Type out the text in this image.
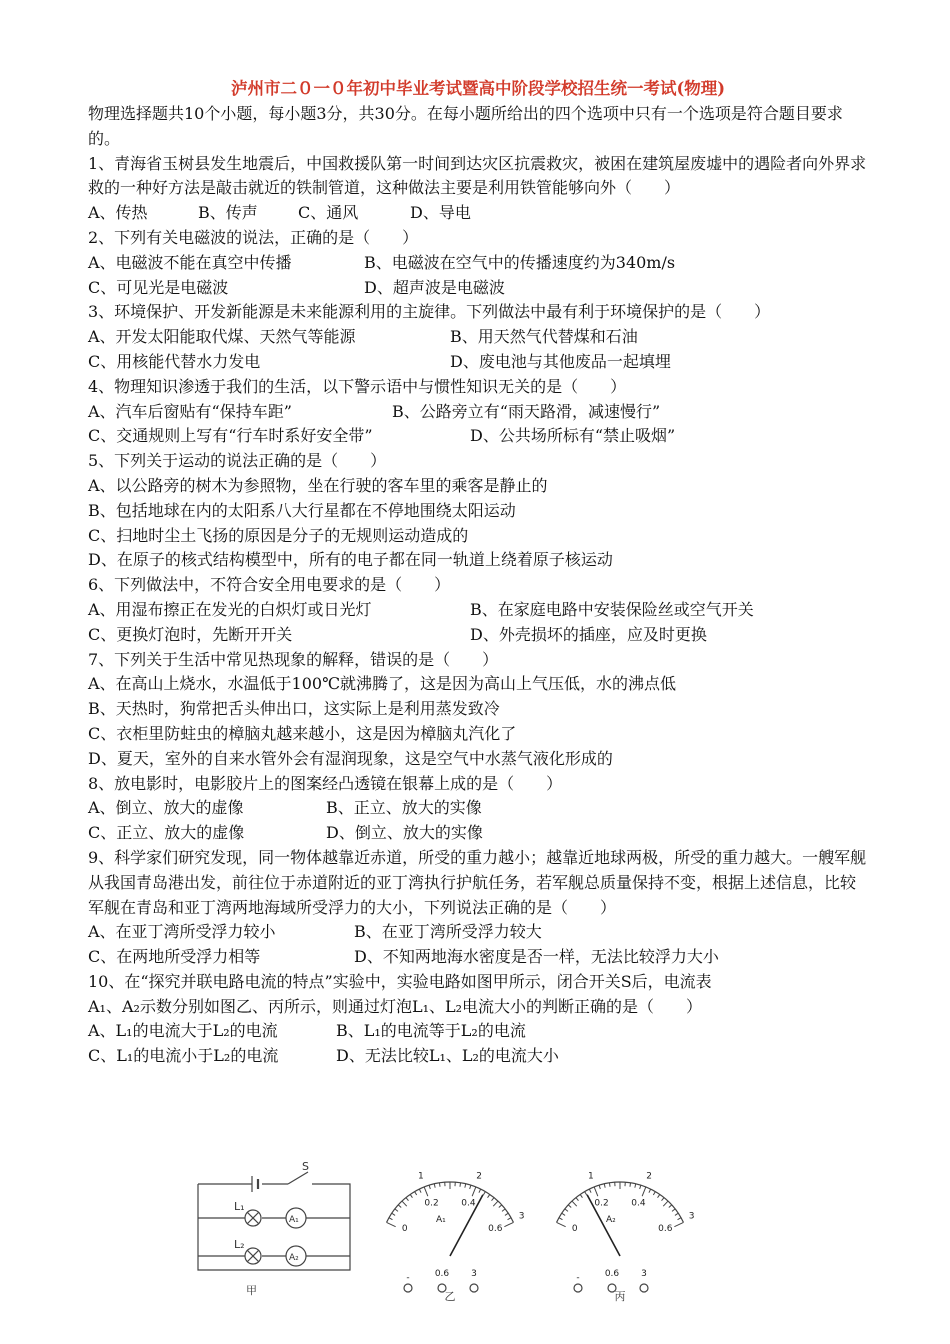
泸州市二０一０年初中毕业考试暨高中阶段学校招生统一考试(物理)
物理选择题共10个小题，每小题3分，共30分。在每小题所给出的四个选项中只有一个选项是符合题目要求的。
1、青海省玉树县发生地震后，中国救援队第一时间到达灾区抗震救灾，被困在建筑屋废墟中的遇险者向外界求救的一种好方法是敲击就近的铁制管道，这种做法主要是利用铁管能够向外（　　）
A、传热	B、传声	C、通风	D、导电
2、下列有关电磁波的说法，正确的是（　　）
A、电磁波不能在真空中传播	B、电磁波在空气中的传播速度约为340m/s
C、可见光是电磁波	D、超声波是电磁波
3、环境保护、开发新能源是未来能源利用的主旋律。下列做法中最有利于环境保护的是（　　）
A、开发太阳能取代煤、天然气等能源	B、用天然气代替煤和石油
C、用核能代替水力发电	D、废电池与其他废品一起填埋
4、物理知识渗透于我们的生活，以下警示语中与惯性知识无关的是（　　）
A、汽车后窗贴有“保持车距”	B、公路旁立有“雨天路滑，减速慢行”
C、交通规则上写有“行车时系好安全带”	D、公共场所标有“禁止吸烟”
5、下列关于运动的说法正确的是（　　）
A、以公路旁的树木为参照物，坐在行驶的客车里的乘客是静止的
B、包括地球在内的太阳系八大行星都在不停地围绕太阳运动
C、扫地时尘土飞扬的原因是分子的无规则运动造成的
D、在原子的核式结构模型中，所有的电子都在同一轨道上绕着原子核运动
6、下列做法中，不符合安全用电要求的是（　　）
A、用湿布擦正在发光的白炽灯或日光灯	B、在家庭电路中安装保险丝或空气开关
C、更换灯泡时，先断开开关	D、外壳损坏的插座，应及时更换
7、下列关于生活中常见热现象的解释，错误的是（　　）
A、在高山上烧水，水温低于100℃就沸腾了，这是因为高山上气压低，水的沸点低
B、天热时，狗常把舌头伸出口，这实际上是利用蒸发致冷
C、衣柜里防蛀虫的樟脑丸越来越小，这是因为樟脑丸汽化了
D、夏天，室外的自来水管外会有湿润现象，这是空气中水蒸气液化形成的
8、放电影时，电影胶片上的图案经凸透镜在银幕上成的是（　　）
A、倒立、放大的虚像	B、正立、放大的实像
C、正立、放大的虚像	D、倒立、放大的实像
9、科学家们研究发现，同一物体越靠近赤道，所受的重力越小；越靠近地球两极，所受的重力越大。一艘军舰从我国青岛港出发，前往位于赤道附近的亚丁湾执行护航任务，若军舰总质量保持不变，根据上述信息，比较军舰在青岛和亚丁湾两地海域所受浮力的大小，下列说法正确的是（　　）
A、在亚丁湾所受浮力较小	B、在亚丁湾所受浮力较大
C、在两地所受浮力相等	D、不知两地海水密度是否一样，无法比较浮力大小
10、在“探究并联电路电流的特点”实验中，实验电路如图甲所示，闭合开关S后，电流表
A₁、A₂示数分别如图乙、丙所示，则通过灯泡L₁、L₂电流大小的判断正确的是（　　）
A、L₁的电流大于L₂的电流	B、L₁的电流等于L₂的电流
C、L₁的电流小于L₂的电流	D、无法比较L₁、L₂的电流大小
S
L₁
L₂
A₁
A₂
甲
1	2
3
0
0.2	0.4
0.6
A₁
-	0.6 3
乙
1	2
3
0
0.2	0.4
0.6
A₂
-	0.6 3
丙
